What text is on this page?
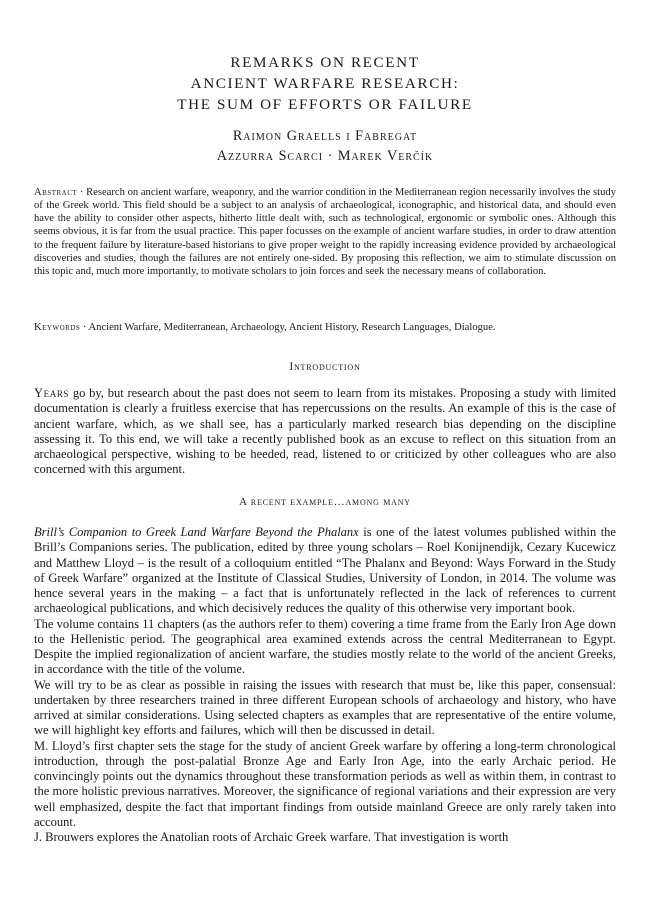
REMARKS ON RECENT
ANCIENT WARFARE RESEARCH:
THE SUM OF EFFORTS OR FAILURE
Raimon Graells i Fabregat
Azzurra Scarci · Marek Verčík
Abstract · Research on ancient warfare, weaponry, and the warrior condition in the Mediterranean region necessarily involves the study of the Greek world. This field should be a subject to an analysis of archaeological, iconographic, and historical data, and should even have the ability to consider other aspects, hitherto little dealt with, such as technological, ergonomic or symbolic ones. Although this seems obvious, it is far from the usual practice. This paper focusses on the example of ancient warfare studies, in order to draw attention to the frequent failure by literature-based historians to give proper weight to the rapidly increasing evidence provided by archaeological discoveries and studies, though the failures are not entirely one-sided. By proposing this reflection, we aim to stimulate discussion on this topic and, much more importantly, to motivate scholars to join forces and seek the necessary means of collaboration.
Keywords · Ancient Warfare, Mediterranean, Archaeology, Ancient History, Research Languages, Dialogue.
Introduction

Years go by, but research about the past does not seem to learn from its mistakes. Proposing a study with limited documentation is clearly a fruitless exercise that has repercussions on the results. An example of this is the case of ancient warfare, which, as we shall see, has a particularly marked research bias depending on the discipline assessing it. To this end, we will take a recently published book as an excuse to reflect on this situation from an archaeological perspective, wishing to be heeded, read, listened to or criticized by other colleagues who are also concerned with this argument.

A recent example…among many

Brill’s Companion to Greek Land Warfare Beyond the Phalanx is one of the latest volumes published within the Brill’s Companions series. The publication, edited by three young scholars – Roel Konijnendijk, Cezary Kucewicz and Matthew Lloyd – is the result of a colloquium entitled “The Phalanx and Beyond: Ways Forward in the Study of Greek Warfare” organized at the Institute of Classical Studies, University of London, in 2014. The volume was hence several years in the making – a fact that is unfortunately reflected in the lack of references to current archaeological publications, and which decisively reduces the quality of this otherwise very important book.

The volume contains 11 chapters (as the authors refer to them) covering a time frame from the Early Iron Age down to the Hellenistic period. The geographical area examined extends across the central Mediterranean to Egypt. Despite the implied regionalization of ancient warfare, the studies mostly relate to the world of the ancient Greeks, in accordance with the title of the volume.

We will try to be as clear as possible in raising the issues with research that must be, like this paper, consensual: undertaken by three researchers trained in three different European schools of archaeology and history, who have arrived at similar considerations. Using selected chapters as examples that are representative of the entire volume, we will highlight key efforts and failures, which will then be discussed in detail.

M. Lloyd’s first chapter sets the stage for the study of ancient Greek warfare by offering a long-term chronological introduction, through the post-palatial Bronze Age and Early Iron Age, into the early Archaic period. He convincingly points out the dynamics throughout these transformation periods as well as within them, in contrast to the more holistic previous narratives. Moreover, the significance of regional variations and their expression are very well emphasized, despite the fact that important findings from outside mainland Greece are only rarely taken into account.

J. Brouwers explores the Anatolian roots of Archaic Greek warfare. That investigation is worth
